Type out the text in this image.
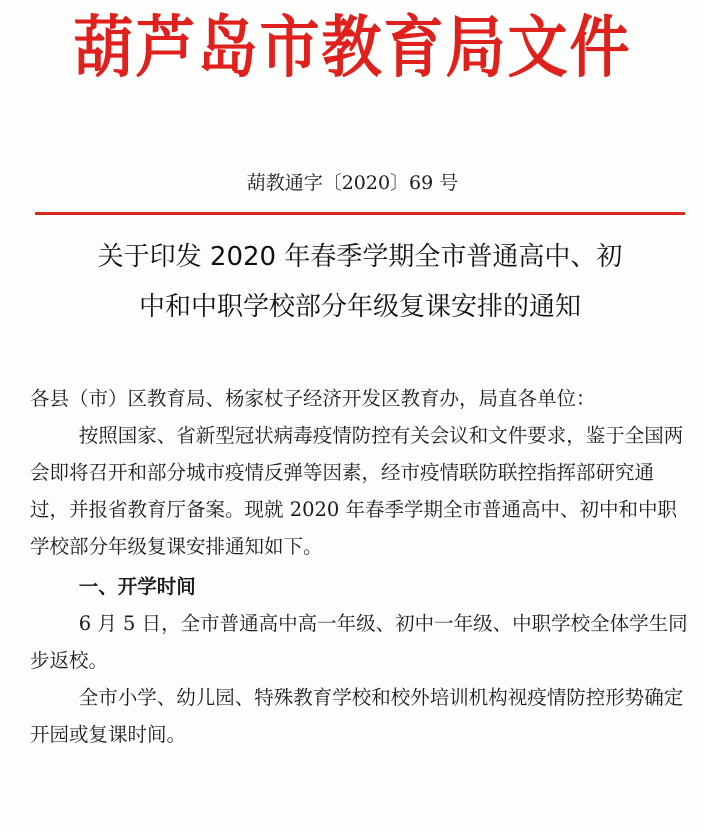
葫芦岛市教育局文件
葫教通字〔2020〕69 号
关于印发 2020 年春季学期全市普通高中、初
中和中职学校部分年级复课安排的通知

各县（市）区教育局、杨家杖子经济开发区教育办，局直各单位：

按照国家、省新型冠状病毒疫情防控有关会议和文件要求，鉴于全国两会即将召开和部分城市疫情反弹等因素，经市疫情联防联控指挥部研究通过，并报省教育厅备案。现就 2020 年春季学期全市普通高中、初中和中职学校部分年级复课安排通知如下。

一、开学时间

6 月 5 日，全市普通高中高一年级、初中一年级、中职学校全体学生同步返校。

全市小学、幼儿园、特殊教育学校和校外培训机构视疫情防控形势确定开园或复课时间。
